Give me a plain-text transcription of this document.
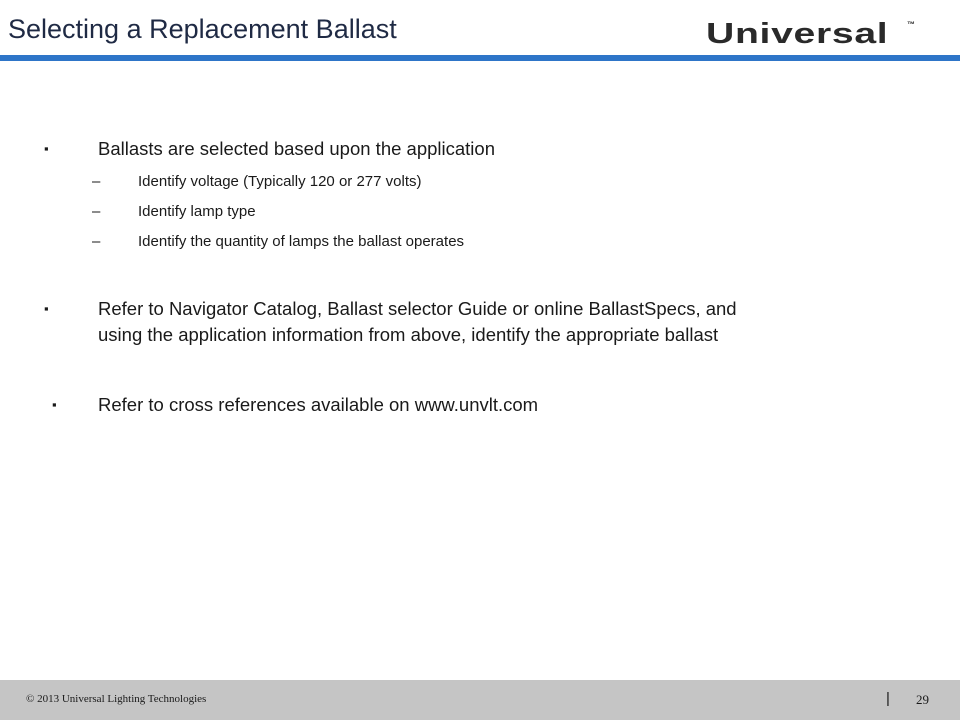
Selecting a Replacement Ballast	Universal ™
▪	Ballasts are selected based upon the application
–	Identify voltage (Typically 120 or 277 volts)
–	Identify lamp type
–	Identify the quantity of lamps the ballast operates
▪	Refer to Navigator Catalog, Ballast selector Guide or online BallastSpecs, and
using the application information from above, identify the appropriate ballast
▪ Refer to cross references available on www.unvlt.com
© 2013 Universal Lighting Technologies	| 29
